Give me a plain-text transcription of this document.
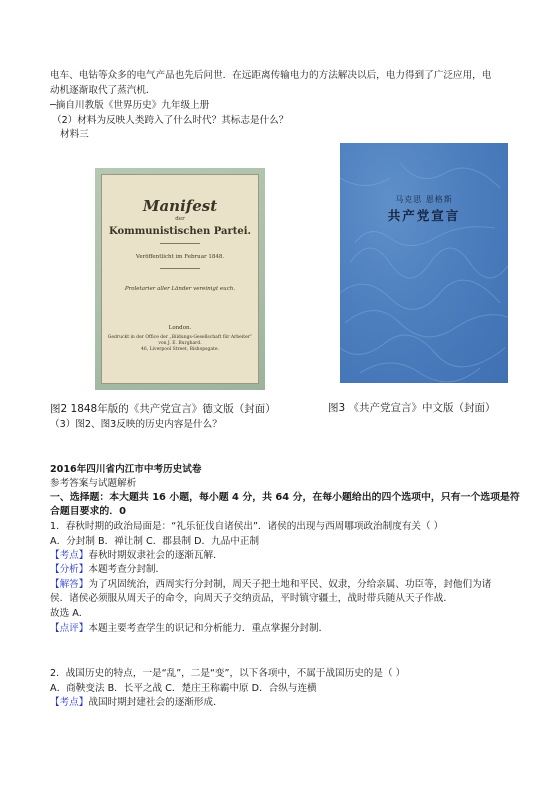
电车、电钻等众多的电气产品也先后问世．在远距离传输电力的方法解决以后，电力得到了广泛应用，电
动机逐渐取代了蒸汽机．
─摘自川教版《世界历史》九年级上册
（2）材料为反映人类跨入了什么时代？其标志是什么？
材料三
Manifest
der
Kommunistischen Partei.
Veröffentlicht im Februar 1848.
Proletarier aller Länder vereinigt euch.
London.
Gedruckt in der Office der „Bildungs-Gesellschaft für Arbeiter“
von J. E. Burghard.
46, Liverpool Street, Bishopsgate.
马克思 恩格斯
共产党宣言
图2 1848年版的《共产党宣言》德文版（封面）	图3 《共产党宣言》中文版（封面）
（3）图2、图3反映的历史内容是什么？
2016年四川省内江市中考历史试卷
参考答案与试题解析
一、选择题：本大题共 16 小题，每小题 4 分，共 64 分，在每小题给出的四个选项中，只有一个选项是符
合题目要求的．0
1．春秋时期的政治局面是：“礼乐征伐自诸侯出”．诸侯的出现与西周哪项政治制度有关（ ）
A．分封制 B．禅让制 C．郡县制 D．九品中正制
【考点】春秋时期奴隶社会的逐渐瓦解．
【分析】本题考查分封制．
【解答】为了巩固统治，西周实行分封制，周天子把土地和平民、奴隶，分给亲属、功臣等，封他们为诸
侯．诸侯必须服从周天子的命令，向周天子交纳贡品，平时镇守疆土，战时带兵随从天子作战．
故选 A．
【点评】本题主要考查学生的识记和分析能力．重点掌握分封制．
2．战国历史的特点，一是“乱”，二是“变”，以下各项中，不属于战国历史的是（ ）
A．商鞅变法 B．长平之战 C．楚庄王称霸中原 D．合纵与连横
【考点】战国时期封建社会的逐渐形成．
